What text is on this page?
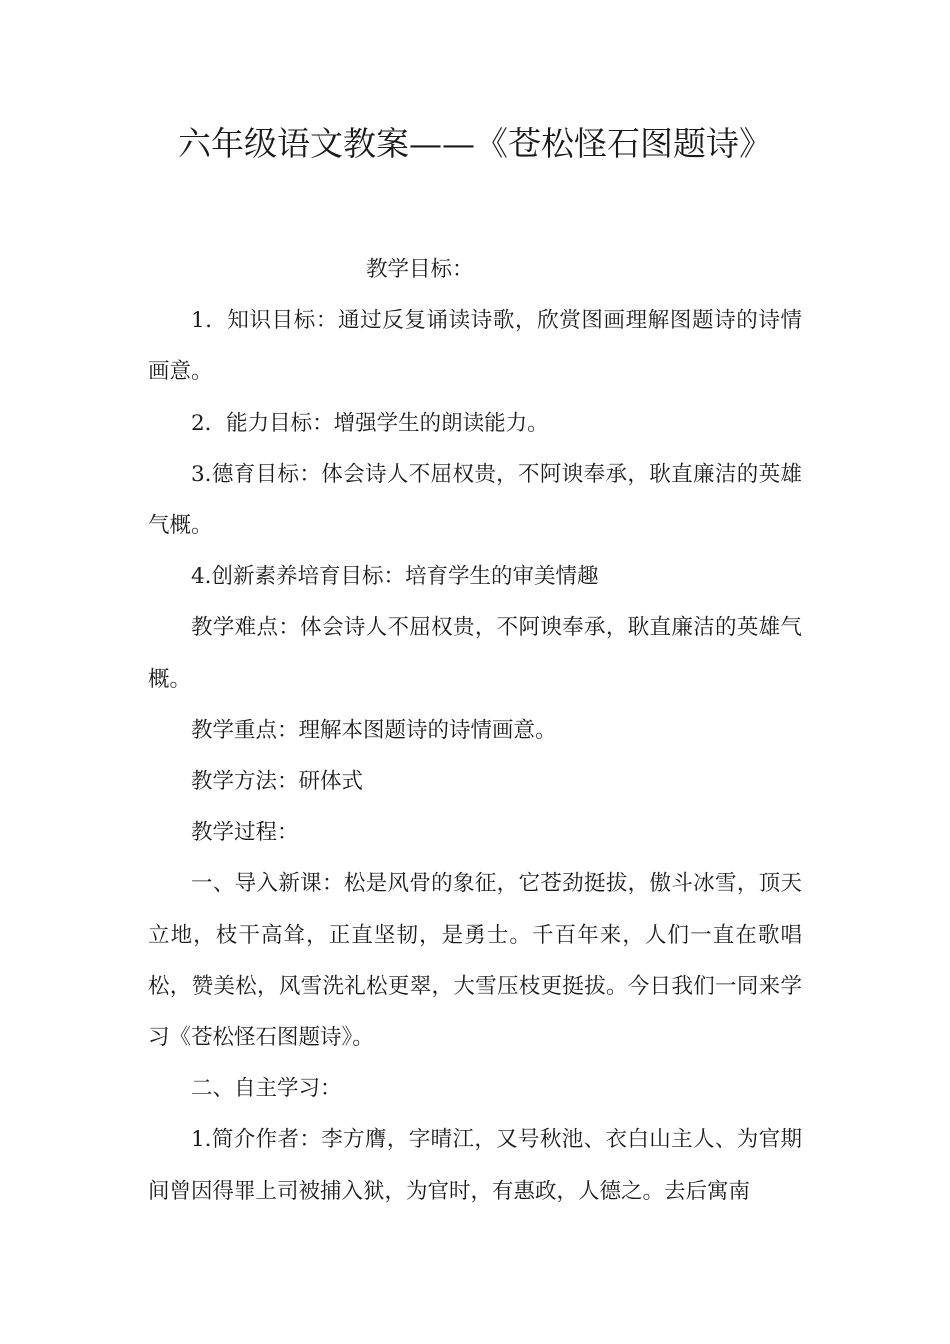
六年级语文教案——《苍松怪石图题诗》

教学目标：

1．知识目标：通过反复诵读诗歌，欣赏图画理解图题诗的诗情画意。

2．能力目标：增强学生的朗读能力。

3.德育目标：体会诗人不屈权贵，不阿谀奉承，耿直廉洁的英雄气概。

4.创新素养培育目标：培育学生的审美情趣

教学难点：体会诗人不屈权贵，不阿谀奉承，耿直廉洁的英雄气概。

教学重点：理解本图题诗的诗情画意。

教学方法：研体式

教学过程：

一、导入新课：松是风骨的象征，它苍劲挺拔，傲斗冰雪，顶天立地，枝干高耸，正直坚韧，是勇士。千百年来，人们一直在歌唱松，赞美松，风雪洗礼松更翠，大雪压枝更挺拔。今日我们一同来学习《苍松怪石图题诗》。

二、自主学习：

1.简介作者：李方膺，字晴江，又号秋池、衣白山主人、为官期间曾因得罪上司被捕入狱，为官时，有惠政，人德之。去后寓南
